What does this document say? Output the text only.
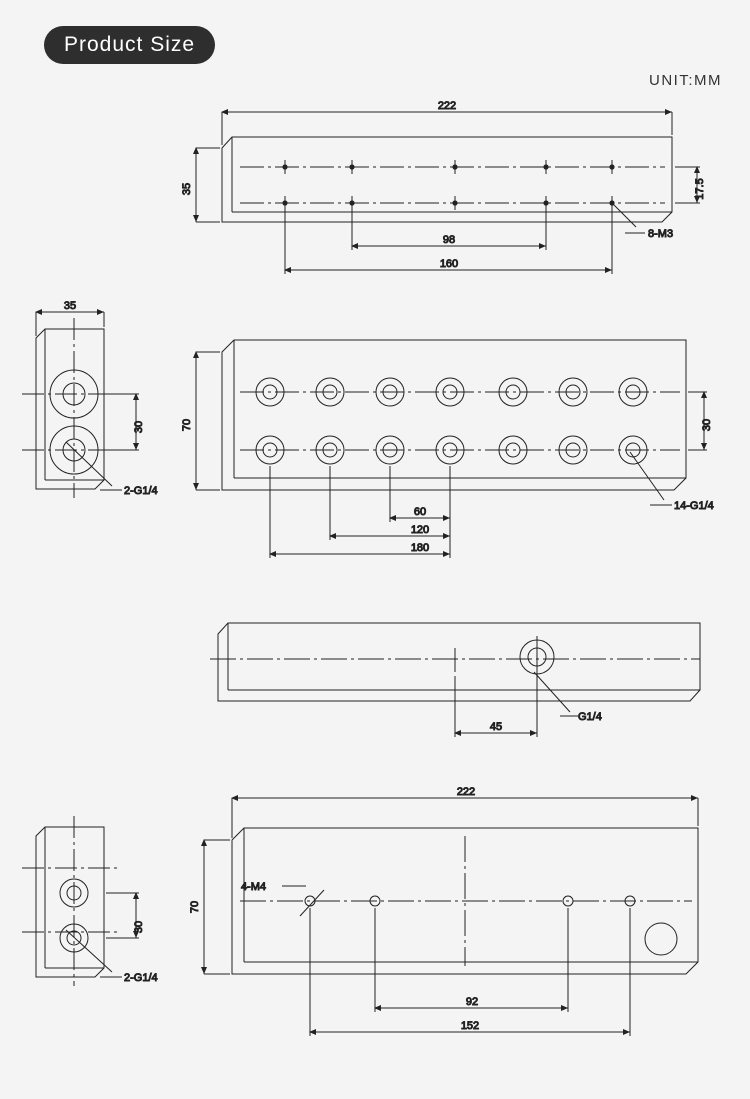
Product Size
UNIT:MM
222
35	17.5
98
160
8-M3
35
30
2-G1/4
70	30
60
120
180
14-G1/4
45
G1/4
30
2-G1/4
222
70
4-M4
92
152
